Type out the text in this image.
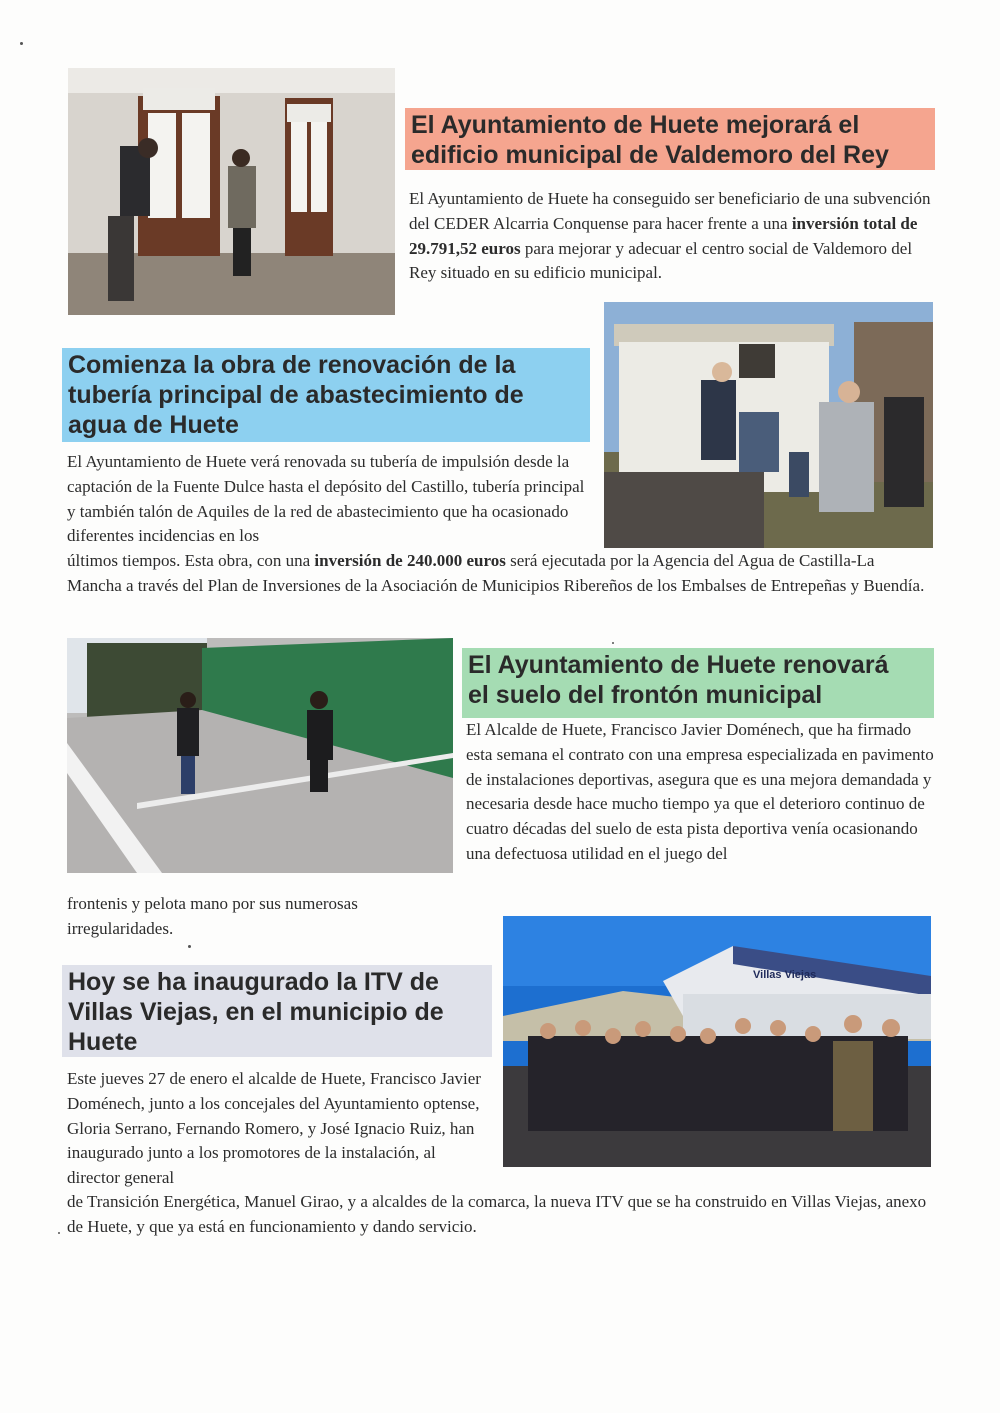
El Ayuntamiento de Huete mejorará el
edificio municipal de Valdemoro del Rey
El Ayuntamiento de Huete ha conseguido ser beneficiario de una subvención del CEDER Alcarria Conquense para hacer frente a una inversión total de 29.791,52 euros para mejorar y adecuar el centro social de Valdemoro del Rey situado en su edificio municipal.
Comienza la obra de renovación de la
tubería principal de abastecimiento de
agua de Huete
El Ayuntamiento de Huete verá renovada su tubería de impulsión desde la captación de la Fuente Dulce hasta el depósito del Castillo, tubería principal y también talón de Aquiles de la red de abastecimiento que ha ocasionado diferentes incidencias en los
últimos tiempos. Esta obra, con una inversión de 240.000 euros será ejecutada por la Agencia del Agua de Castilla-La Mancha a través del Plan de Inversiones de la Asociación de Municipios Ribereños de los Embalses de Entrepeñas y Buendía.
El Ayuntamiento de Huete renovará
el suelo del frontón municipal
El Alcalde de Huete, Francisco Javier Doménech, que ha firmado esta semana el contrato con una empresa especializada en pavimento de instalaciones deportivas, asegura que es una mejora demandada y necesaria desde hace mucho tiempo ya que el deterioro continuo de cuatro décadas del suelo de esta pista deportiva venía ocasionando una defectuosa utilidad en el juego del
frontenis y pelota mano por sus numerosas irregularidades.
Hoy se ha inaugurado la ITV de
Villas Viejas, en el municipio de
Huete
Villas Viejas
Este jueves 27 de enero el alcalde de Huete, Francisco Javier Doménech, junto a los concejales del Ayuntamiento optense, Gloria Serrano, Fernando Romero, y José Ignacio Ruiz, han inaugurado junto a los promotores de la instalación, al director general
de Transición Energética, Manuel Girao, y a alcaldes de la comarca, la nueva ITV que se ha construido en Villas Viejas, anexo de Huete, y que ya está en funcionamiento y dando servicio.
